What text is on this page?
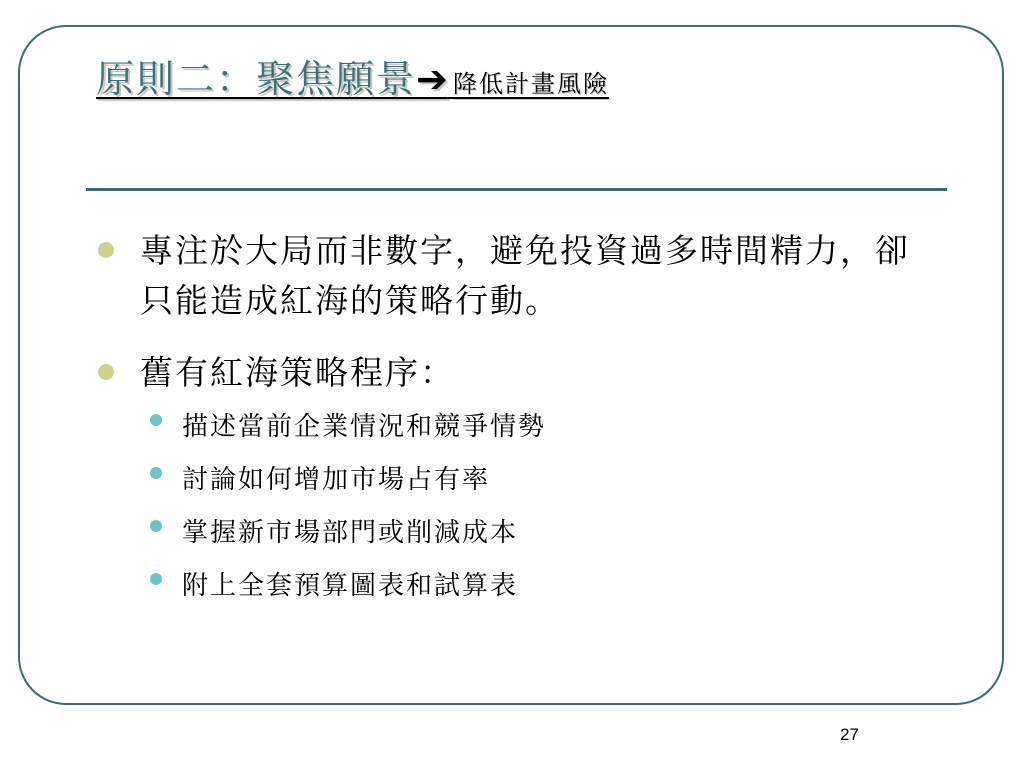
原則二：聚焦願景➔ 降低計畫風險
專注於大局而非數字，避免投資過多時間精力，卻只能造成紅海的策略行動。
舊有紅海策略程序：
描述當前企業情況和競爭情勢
討論如何增加市場占有率
掌握新市場部門或削減成本
附上全套預算圖表和試算表
27
